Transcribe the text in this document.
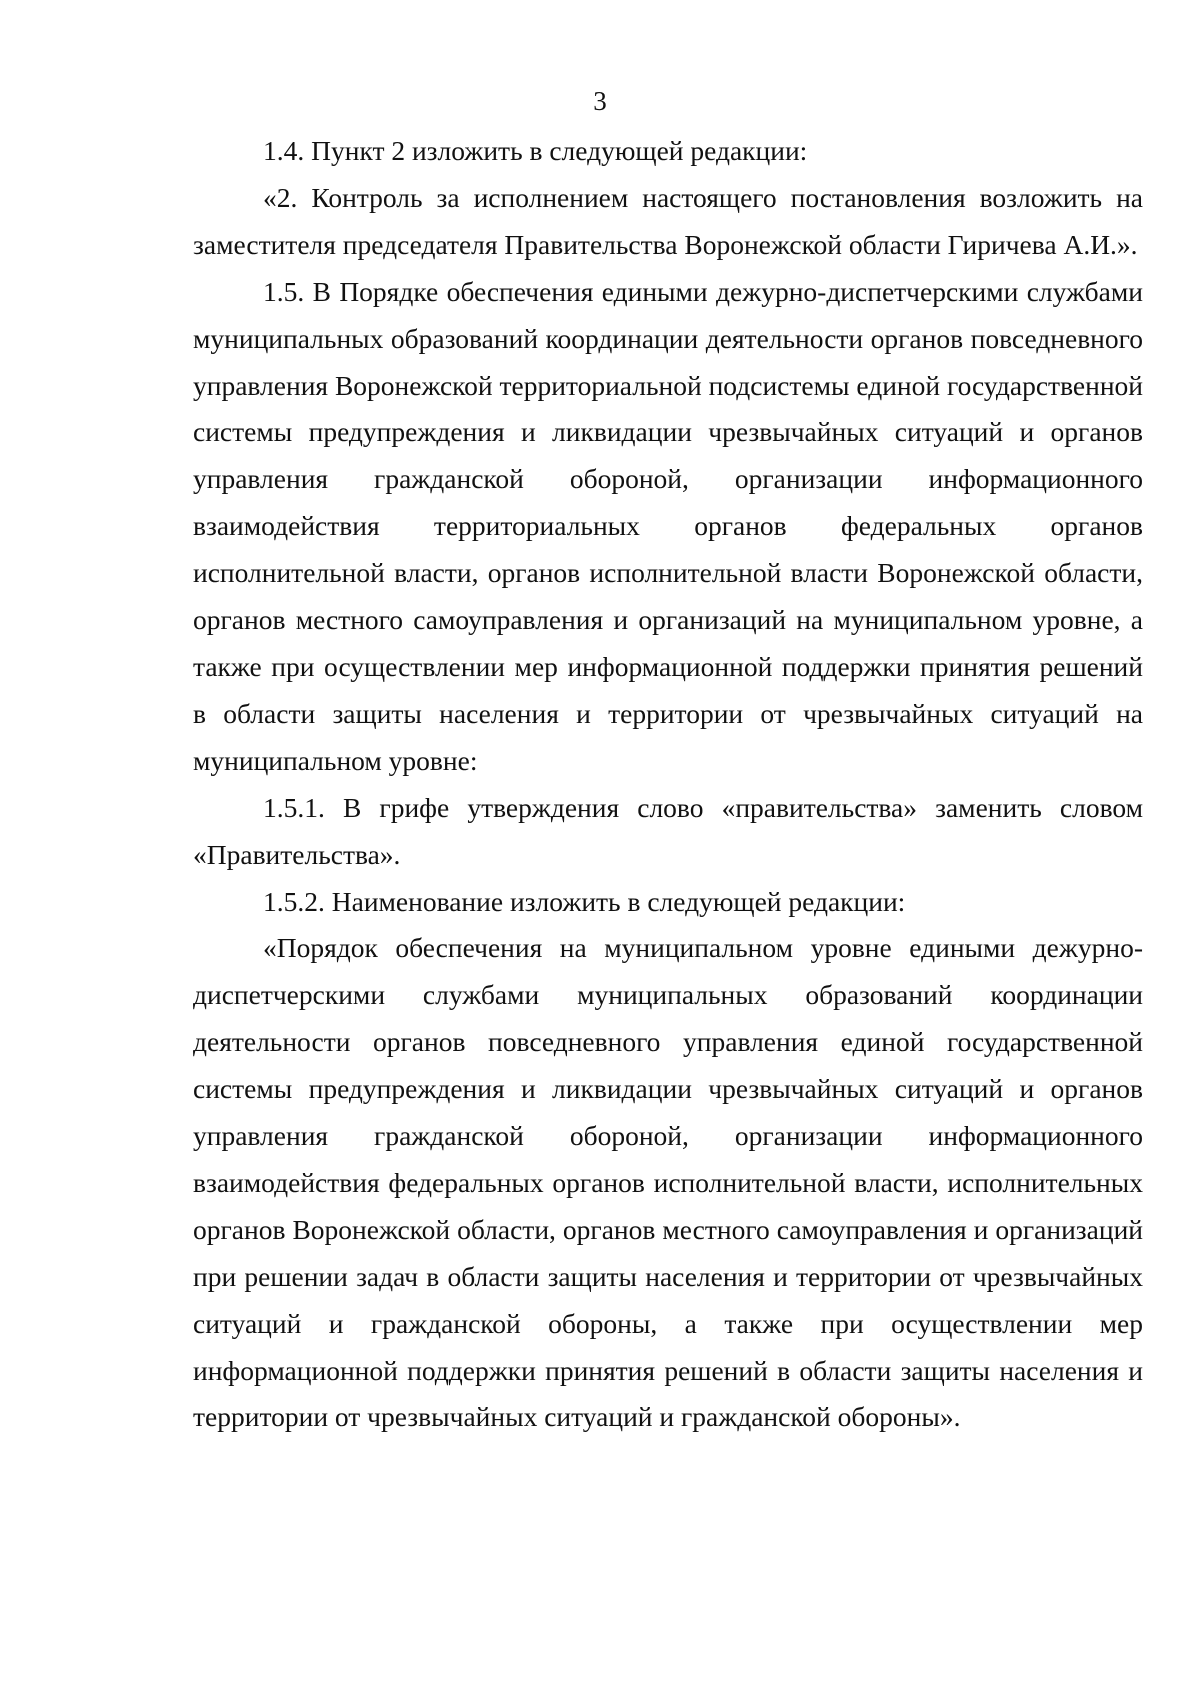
3

1.4. Пункт 2 изложить в следующей редакции:

«2. Контроль за исполнением настоящего постановления возложить на заместителя председателя Правительства Воронежской области Гиричева А.И.».

1.5. В Порядке обеспечения едиными дежурно-диспетчерскими службами муниципальных образований координации деятельности органов повседневного управления Воронежской территориальной подсистемы единой государственной системы предупреждения и ликвидации чрезвычайных ситуаций и органов управления гражданской обороной, организации информационного взаимодействия территориальных органов федеральных органов исполнительной власти, органов исполнительной власти Воронежской области, органов местного самоуправления и организаций на муниципальном уровне, а также при осуществлении мер информационной поддержки принятия решений в области защиты населения и территории от чрезвычайных ситуаций на муниципальном уровне:

1.5.1. В грифе утверждения слово «правительства» заменить словом «Правительства».

1.5.2. Наименование изложить в следующей редакции:

«Порядок обеспечения на муниципальном уровне едиными дежурно-диспетчерскими службами муниципальных образований координации деятельности органов повседневного управления единой государственной системы предупреждения и ликвидации чрезвычайных ситуаций и органов управления гражданской обороной, организации информационного взаимодействия федеральных органов исполнительной власти, исполнительных органов Воронежской области, органов местного самоуправления и организаций при решении задач в области защиты населения и территории от чрезвычайных ситуаций и гражданской обороны, а также при осуществлении мер информационной поддержки принятия решений в области защиты населения и территории от чрезвычайных ситуаций и гражданской обороны».
